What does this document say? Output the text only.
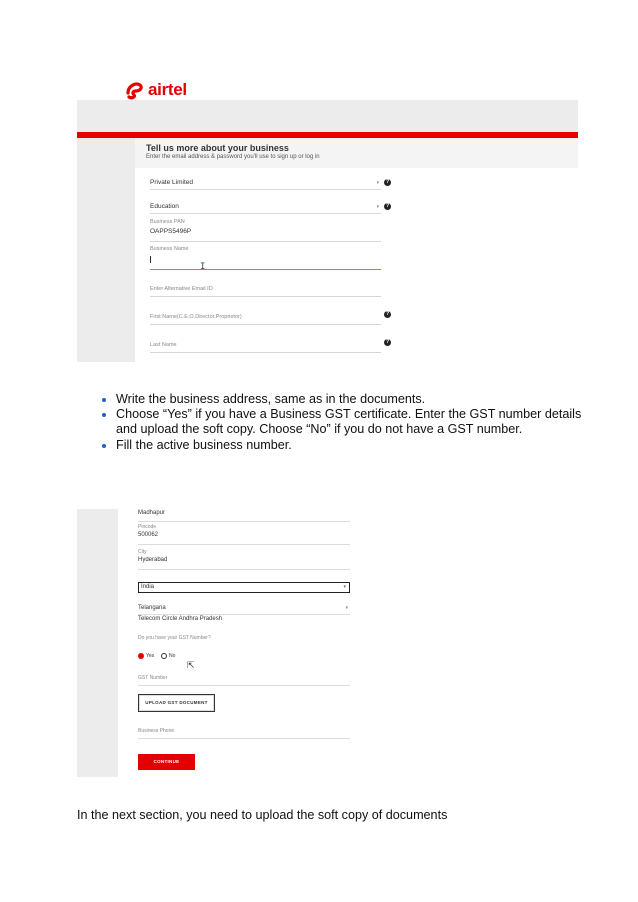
airtel
Tell us more about your business
Enter the email address & password you'll use to sign up or log in
Private Limited	▾	?
Education	▾	?
Business PAN
OAPPS5496P
Business Name
I
Enter Alternative Email ID
First Name(C.E.O,Director,Proprietor)	?
Last Name	?
• Write the business address, same as in the documents.
• Choose “Yes” if you have a Business GST certificate. Enter the GST number details and upload the soft copy. Choose “No” if you do not have a GST number.
• Fill the active business number.
Madhapur
Pincode
500062
City
Hyderabad
India	▾
Telangana	▾
Telecom Circle Andhra Pradesh
Do you have your GST Number?
Yes	No
⇱
GST Number
UPLOAD GST DOCUMENT
Business Phone
CONTINUE
In the next section, you need to upload the soft copy of documents
